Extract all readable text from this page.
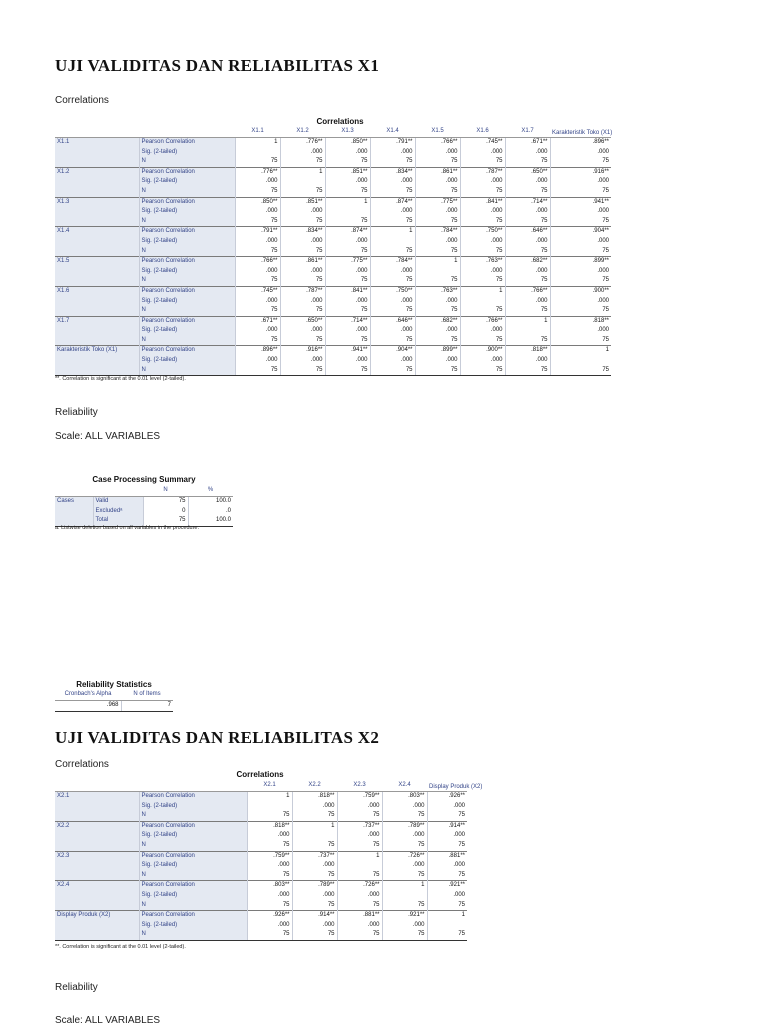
UJI VALIDITAS DAN RELIABILITAS X1
Correlations
Correlations
		X1.1	X1.2	X1.3	X1.4	X1.5	X1.6	X1.7	Karakteristik Toko (X1)
X1.1	Pearson Correlation	1	.776**	.850**	.791**	.766**	.745**	.671**	.896**
	Sig. (2-tailed)		.000	.000	.000	.000	.000	.000	.000
	N	75	75	75	75	75	75	75	75
X1.2	Pearson Correlation	.776**	1	.851**	.834**	.861**	.787**	.650**	.916**
	Sig. (2-tailed)	.000		.000	.000	.000	.000	.000	.000
	N	75	75	75	75	75	75	75	75
X1.3	Pearson Correlation	.850**	.851**	1	.874**	.775**	.841**	.714**	.941**
	Sig. (2-tailed)	.000	.000		.000	.000	.000	.000	.000
	N	75	75	75	75	75	75	75	75
X1.4	Pearson Correlation	.791**	.834**	.874**	1	.784**	.750**	.646**	.904**
	Sig. (2-tailed)	.000	.000	.000		.000	.000	.000	.000
	N	75	75	75	75	75	75	75	75
X1.5	Pearson Correlation	.766**	.861**	.775**	.784**	1	.763**	.682**	.899**
	Sig. (2-tailed)	.000	.000	.000	.000		.000	.000	.000
	N	75	75	75	75	75	75	75	75
X1.6	Pearson Correlation	.745**	.787**	.841**	.750**	.763**	1	.766**	.900**
	Sig. (2-tailed)	.000	.000	.000	.000	.000		.000	.000
	N	75	75	75	75	75	75	75	75
X1.7	Pearson Correlation	.671**	.650**	.714**	.646**	.682**	.766**	1	.818**
	Sig. (2-tailed)	.000	.000	.000	.000	.000	.000		.000
	N	75	75	75	75	75	75	75	75
Karakteristik Toko (X1)	Pearson Correlation	.896**	.916**	.941**	.904**	.899**	.900**	.818**	1
	Sig. (2-tailed)	.000	.000	.000	.000	.000	.000	.000	
	N	75	75	75	75	75	75	75	75
**. Correlation is significant at the 0.01 level (2-tailed).
Reliability
Scale: ALL VARIABLES
Case Processing Summary
		N	%
Cases	Valid	75	100.0
	Excludedᵃ	0	.0
	Total	75	100.0
a. Listwise deletion based on all variables in the procedure.
Reliability Statistics
Cronbach's Alpha	N of Items
.968	7
UJI VALIDITAS DAN RELIABILITAS X2
Correlations
Correlations
		X2.1	X2.2	X2.3	X2.4	Display Produk (X2)
X2.1	Pearson Correlation	1	.818**	.759**	.803**	.926**
	Sig. (2-tailed)		.000	.000	.000	.000
	N	75	75	75	75	75
X2.2	Pearson Correlation	.818**	1	.737**	.789**	.914**
	Sig. (2-tailed)	.000		.000	.000	.000
	N	75	75	75	75	75
X2.3	Pearson Correlation	.759**	.737**	1	.726**	.881**
	Sig. (2-tailed)	.000	.000		.000	.000
	N	75	75	75	75	75
X2.4	Pearson Correlation	.803**	.789**	.726**	1	.921**
	Sig. (2-tailed)	.000	.000	.000		.000
	N	75	75	75	75	75
Display Produk (X2)	Pearson Correlation	.926**	.914**	.881**	.921**	1
	Sig. (2-tailed)	.000	.000	.000	.000	
	N	75	75	75	75	75
**. Correlation is significant at the 0.01 level (2-tailed).
Reliability
Scale: ALL VARIABLES
